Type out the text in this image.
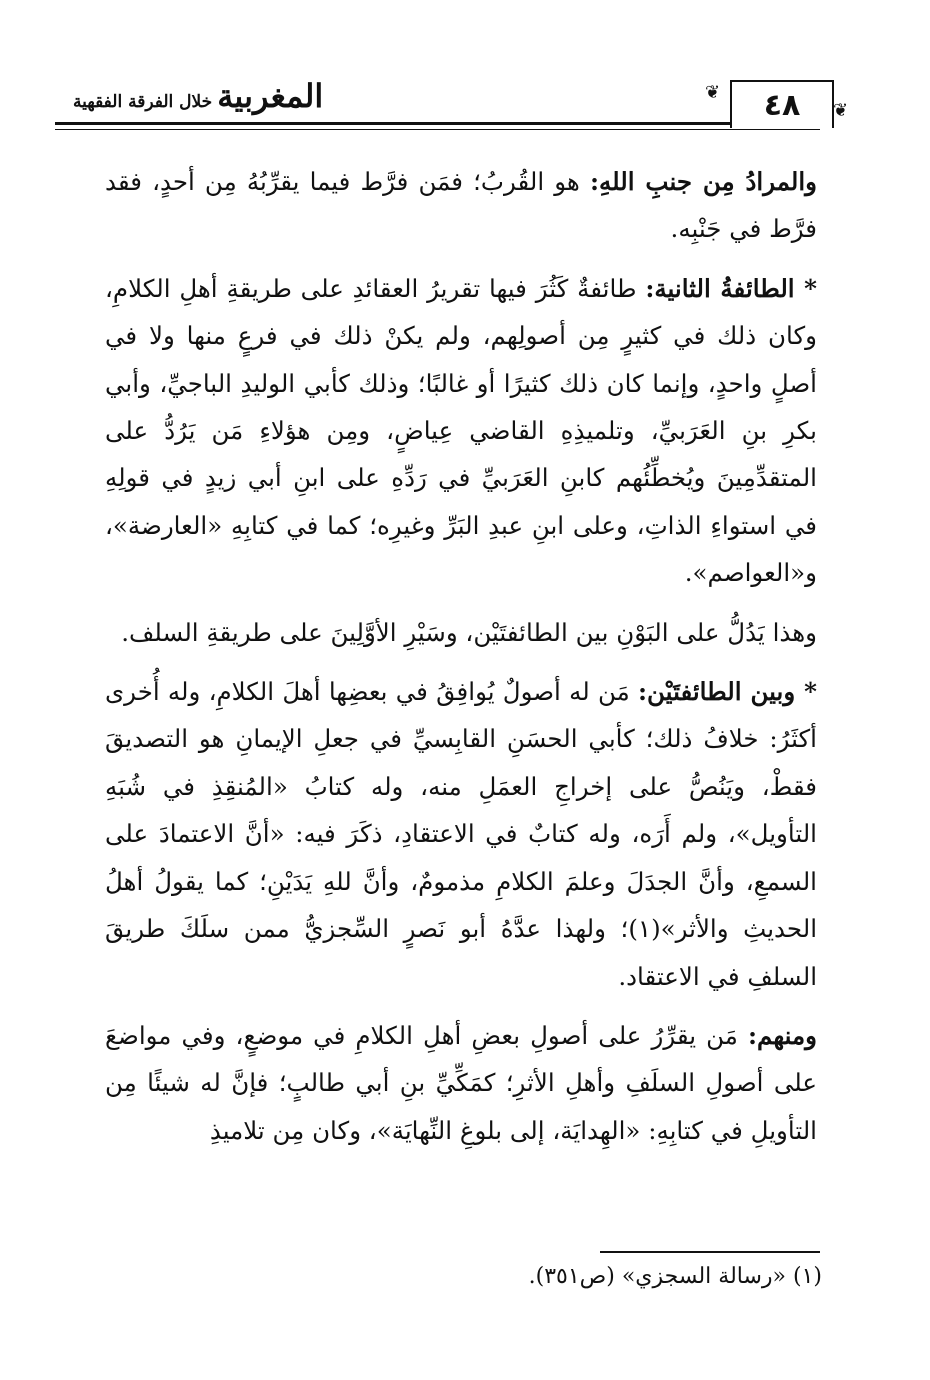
المغربية خلال الفرقة الفقهية	❦ ٤٨ ❦

والمرادُ مِن جنبِ اللهِ: هو القُربُ؛ فمَن فرَّط فيما يقرِّبُهُ مِن أحدٍ، فقد فرَّط في جَنْبِه.

* الطائفةُ الثانية: طائفةٌ كَثُرَ فيها تقريرُ العقائدِ على طريقةِ أهلِ الكلامِ، وكان ذلك في كثيرٍ مِن أصولِهم، ولم يكنْ ذلك في فرعٍ منها ولا في أصلٍ واحدٍ، وإنما كان ذلك كثيرًا أو غالبًا؛ وذلك كأبي الوليدِ الباجيِّ، وأبي بكرِ بنِ العَرَبيِّ، وتلميذِهِ القاضي عِياضٍ، ومِن هؤلاءِ مَن يَرُدُّ على المتقدِّمِينَ ويُخطِّئُهم كابنِ العَرَبيِّ في رَدِّهِ على ابنِ أبي زيدٍ في قولِهِ في استواءِ الذاتِ، وعلى ابنِ عبدِ البَرِّ وغيرِه؛ كما في كتابِهِ «العارضة»، و«العواصم».

وهذا يَدُلُّ على البَوْنِ بين الطائفتَيْن، وسَيْرِ الأوَّلِينَ على طريقةِ السلف.

* وبين الطائفتَيْن: مَن له أصولٌ يُوافِقُ في بعضِها أهلَ الكلامِ، وله أُخرى أكثَرُ: خلافُ ذلك؛ كأبي الحسَنِ القابِسيِّ في جعلِ الإيمانِ هو التصديقَ فقطْ، ويَنُصُّ على إخراجِ العمَلِ منه، وله كتابُ «المُنقِذِ في شُبَهِ التأويل»، ولم أَرَه، وله كتابٌ في الاعتقادِ، ذكَرَ فيه: «أنَّ الاعتمادَ على السمعِ، وأنَّ الجدَلَ وعلمَ الكلامِ مذمومٌ، وأنَّ للهِ يَدَيْنِ؛ كما يقولُ أهلُ الحديثِ والأثر»(١)؛ ولهذا عدَّهُ أبو نَصرٍ السِّجزيُّ ممن سلَكَ طريقَ السلفِ في الاعتقاد.

ومنهم: مَن يقرِّرُ على أصولِ بعضِ أهلِ الكلامِ في موضعٍ، وفي مواضعَ على أصولِ السلَفِ وأهلِ الأثرِ؛ كمَكِّيِّ بنِ أبي طالبٍ؛ فإنَّ له شيئًا مِن التأويلِ في كتابِهِ: «الهِدايَة، إلى بلوغِ النِّهايَة»، وكان مِن تلاميذِ

(١) «رسالة السجزي» (ص٣٥١).
